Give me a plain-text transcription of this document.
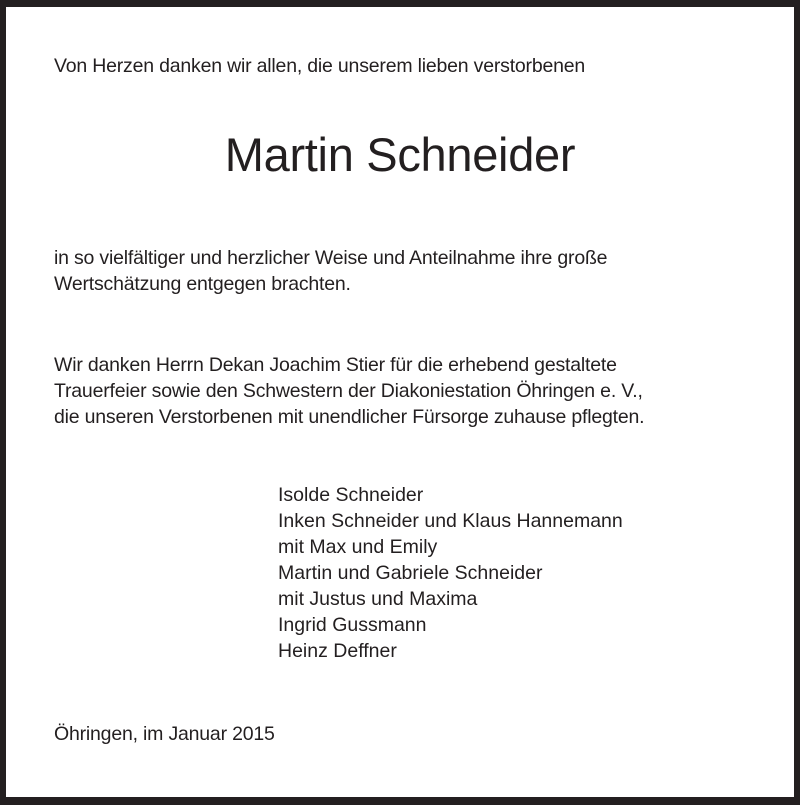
Von Herzen danken wir allen, die unserem lieben verstorbenen
Martin Schneider
in so vielfältiger und herzlicher Weise und Anteilnahme ihre große
Wertschätzung entgegen brachten.
Wir danken Herrn Dekan Joachim Stier für die erhebend gestaltete
Trauerfeier sowie den Schwestern der Diakoniestation Öhringen e. V.,
die unseren Verstorbenen mit unendlicher Fürsorge zuhause pflegten.
Isolde Schneider
Inken Schneider und Klaus Hannemann
mit Max und Emily
Martin und Gabriele Schneider
mit Justus und Maxima
Ingrid Gussmann
Heinz Deffner
Öhringen, im Januar 2015
